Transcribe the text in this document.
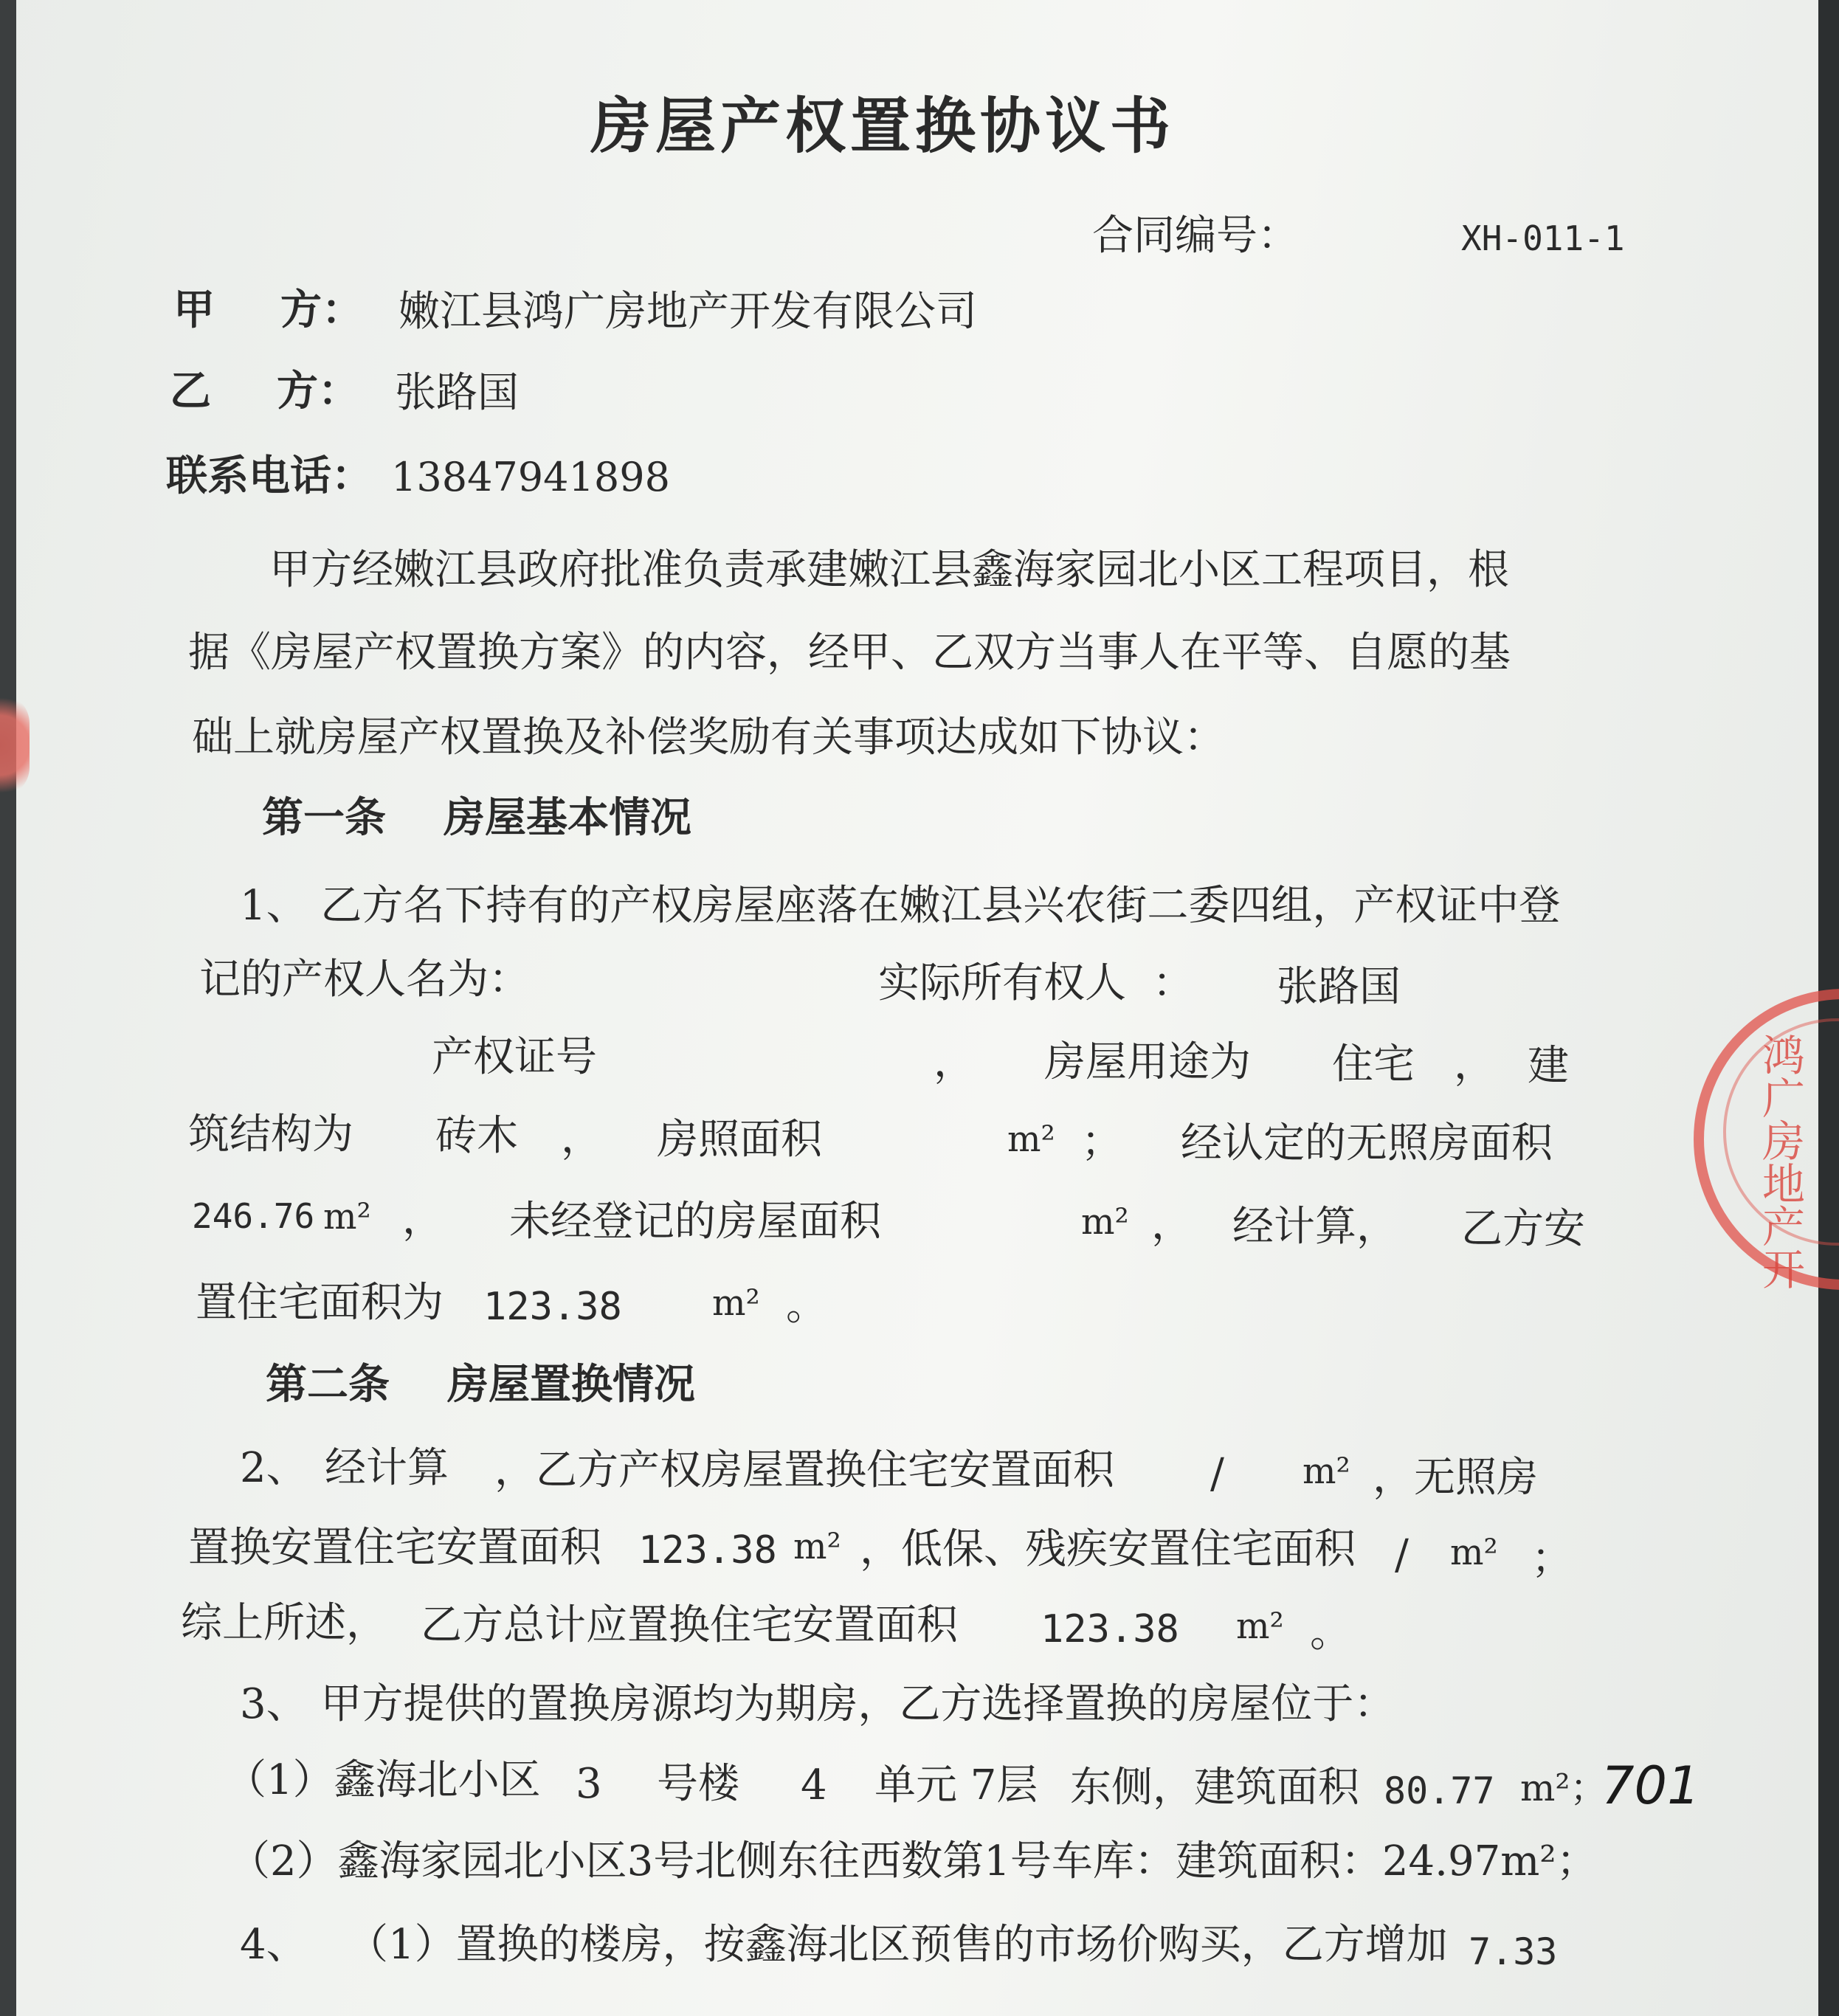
鸿广房地产开
房屋产权置换协议书
合同编号：	XH-011-1
甲 方： 嫩江县鸿广房地产开发有限公司
乙 方： 张路国
联系电话： 13847941898
甲方经嫩江县政府批准负责承建嫩江县鑫海家园北小区工程项目，根
据《房屋产权置换方案》的内容，经甲、乙双方当事人在平等、自愿的基
础上就房屋产权置换及补偿奖励有关事项达成如下协议：
第一条    房屋基本情况
1、 乙方名下持有的产权房屋座落在嫩江县兴农街二委四组，产权证中登
记的产权人名为：	实际所有权人  ： 张路国
产权证号	， 房屋用途为 住宅 ， 建
筑结构为 砖木 ， 房照面积	m² ； 经认定的无照房面积
246.76 m² ， 未经登记的房屋面积	m² ， 经计算， 乙方安
置住宅面积为 123.38	m² 。
第二条    房屋置换情况
2、 经计算 ，乙方产权房屋置换住宅安置面积 / m² ，无照房
置换安置住宅安置面积 123.38 m² ，低保、残疾安置住宅面积 / m² ；
综上所述， 乙方总计应置换住宅安置面积 123.38 m² 。
3、 甲方提供的置换房源均为期房，乙方选择置换的房屋位于：
（1）鑫海北小区 3 号楼 4 单元 7层 东侧，建筑面积 80.77 m²；
701
（2）鑫海家园北小区3号北侧东往西数第1号车库：建筑面积：24.97m²；
4、 （1）置换的楼房，按鑫海北区预售的市场价购买，乙方增加 7.33
